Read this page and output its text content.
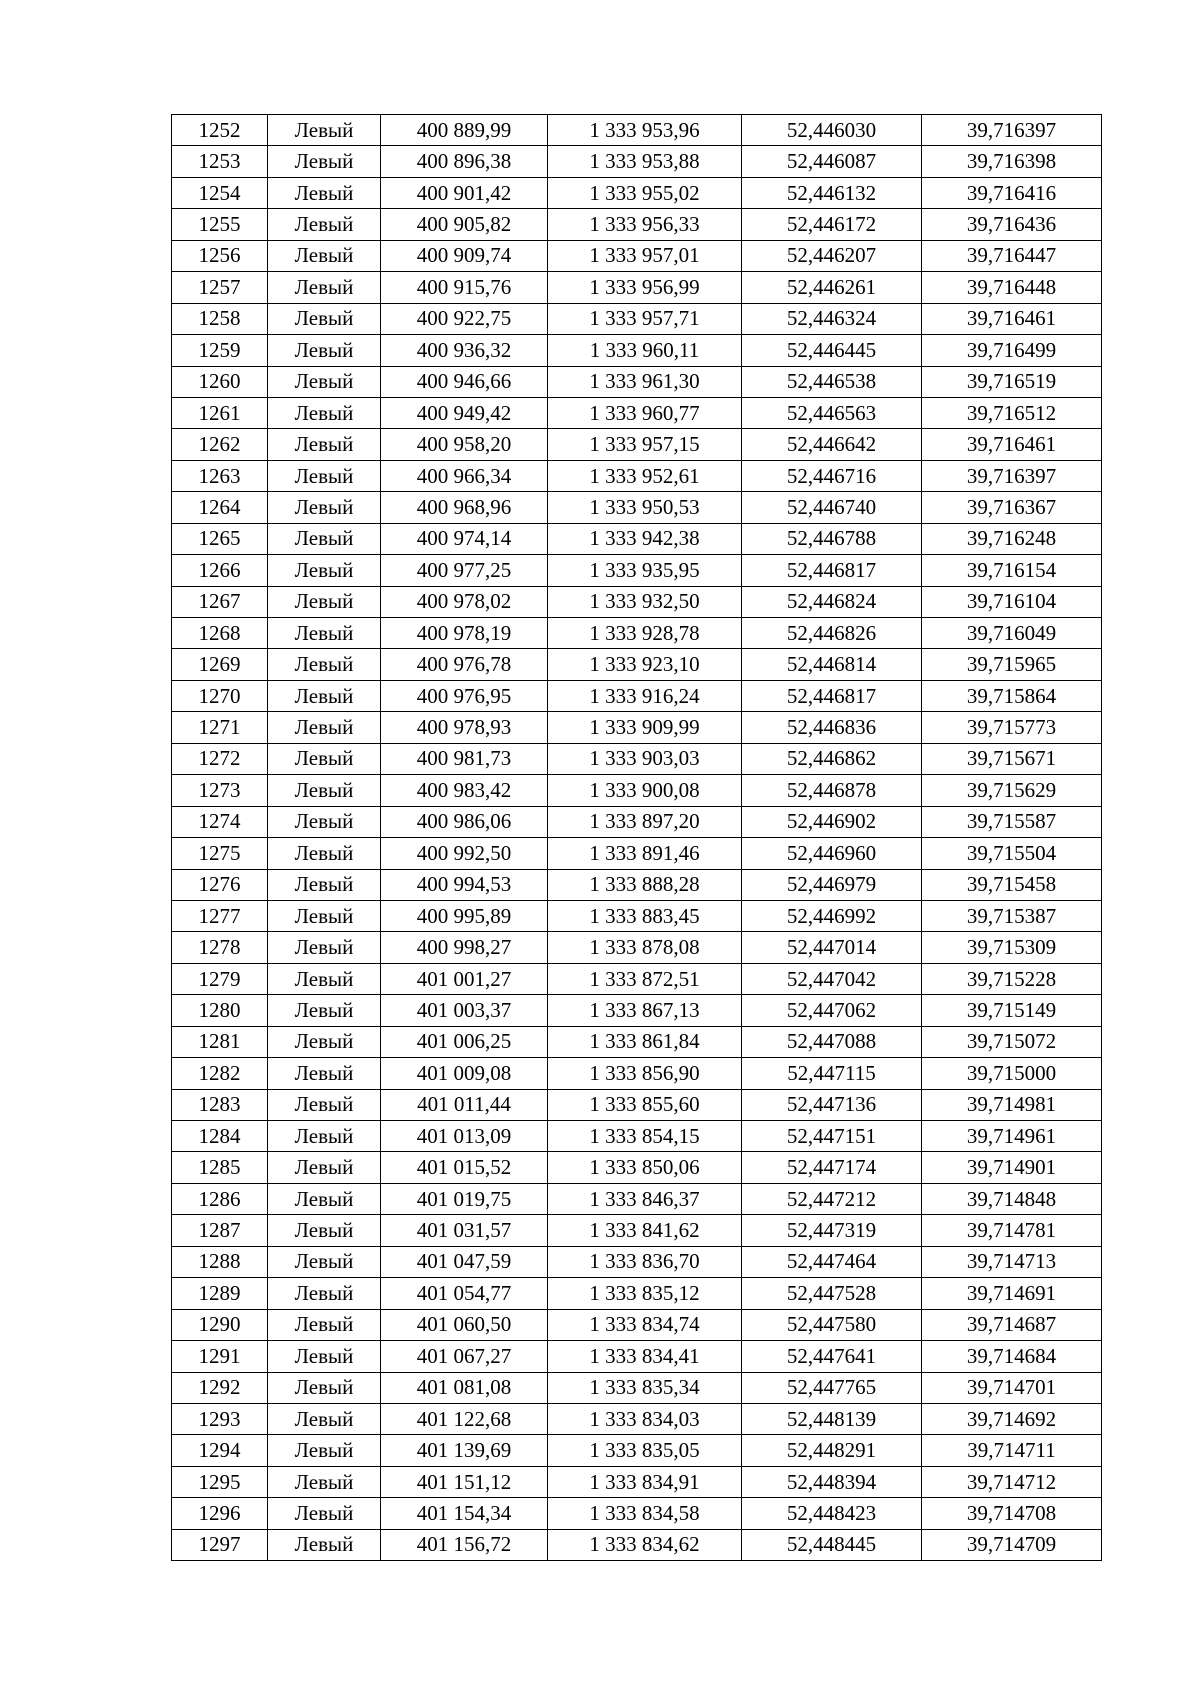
1252	Левый	400 889,99	1 333 953,96	52,446030	39,716397
1253	Левый	400 896,38	1 333 953,88	52,446087	39,716398
1254	Левый	400 901,42	1 333 955,02	52,446132	39,716416
1255	Левый	400 905,82	1 333 956,33	52,446172	39,716436
1256	Левый	400 909,74	1 333 957,01	52,446207	39,716447
1257	Левый	400 915,76	1 333 956,99	52,446261	39,716448
1258	Левый	400 922,75	1 333 957,71	52,446324	39,716461
1259	Левый	400 936,32	1 333 960,11	52,446445	39,716499
1260	Левый	400 946,66	1 333 961,30	52,446538	39,716519
1261	Левый	400 949,42	1 333 960,77	52,446563	39,716512
1262	Левый	400 958,20	1 333 957,15	52,446642	39,716461
1263	Левый	400 966,34	1 333 952,61	52,446716	39,716397
1264	Левый	400 968,96	1 333 950,53	52,446740	39,716367
1265	Левый	400 974,14	1 333 942,38	52,446788	39,716248
1266	Левый	400 977,25	1 333 935,95	52,446817	39,716154
1267	Левый	400 978,02	1 333 932,50	52,446824	39,716104
1268	Левый	400 978,19	1 333 928,78	52,446826	39,716049
1269	Левый	400 976,78	1 333 923,10	52,446814	39,715965
1270	Левый	400 976,95	1 333 916,24	52,446817	39,715864
1271	Левый	400 978,93	1 333 909,99	52,446836	39,715773
1272	Левый	400 981,73	1 333 903,03	52,446862	39,715671
1273	Левый	400 983,42	1 333 900,08	52,446878	39,715629
1274	Левый	400 986,06	1 333 897,20	52,446902	39,715587
1275	Левый	400 992,50	1 333 891,46	52,446960	39,715504
1276	Левый	400 994,53	1 333 888,28	52,446979	39,715458
1277	Левый	400 995,89	1 333 883,45	52,446992	39,715387
1278	Левый	400 998,27	1 333 878,08	52,447014	39,715309
1279	Левый	401 001,27	1 333 872,51	52,447042	39,715228
1280	Левый	401 003,37	1 333 867,13	52,447062	39,715149
1281	Левый	401 006,25	1 333 861,84	52,447088	39,715072
1282	Левый	401 009,08	1 333 856,90	52,447115	39,715000
1283	Левый	401 011,44	1 333 855,60	52,447136	39,714981
1284	Левый	401 013,09	1 333 854,15	52,447151	39,714961
1285	Левый	401 015,52	1 333 850,06	52,447174	39,714901
1286	Левый	401 019,75	1 333 846,37	52,447212	39,714848
1287	Левый	401 031,57	1 333 841,62	52,447319	39,714781
1288	Левый	401 047,59	1 333 836,70	52,447464	39,714713
1289	Левый	401 054,77	1 333 835,12	52,447528	39,714691
1290	Левый	401 060,50	1 333 834,74	52,447580	39,714687
1291	Левый	401 067,27	1 333 834,41	52,447641	39,714684
1292	Левый	401 081,08	1 333 835,34	52,447765	39,714701
1293	Левый	401 122,68	1 333 834,03	52,448139	39,714692
1294	Левый	401 139,69	1 333 835,05	52,448291	39,714711
1295	Левый	401 151,12	1 333 834,91	52,448394	39,714712
1296	Левый	401 154,34	1 333 834,58	52,448423	39,714708
1297	Левый	401 156,72	1 333 834,62	52,448445	39,714709
